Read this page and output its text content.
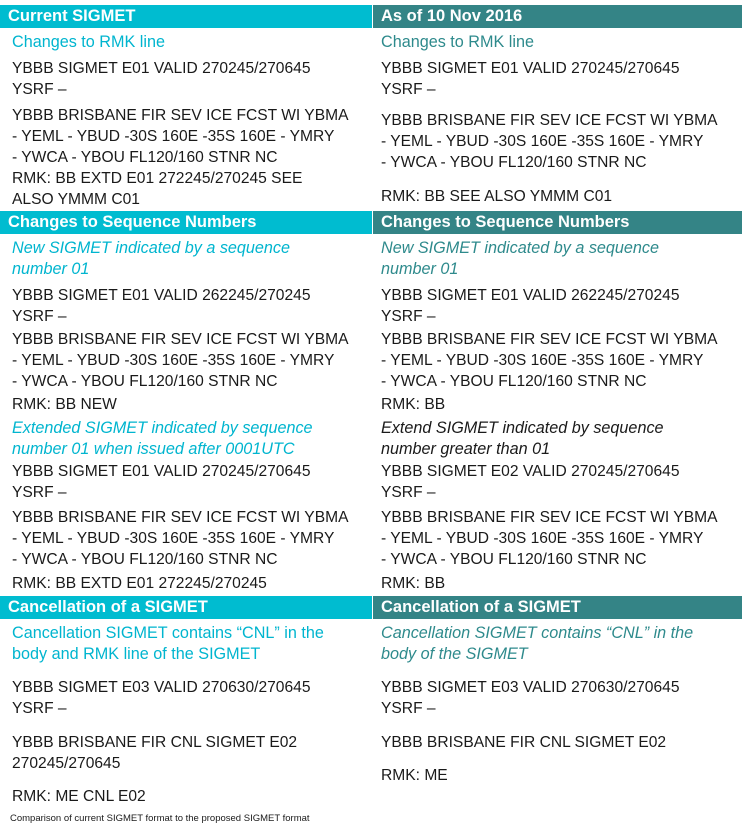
Current SIGMET
Changes to RMK line
YBBB SIGMET E01 VALID 270245/270645
YSRF –
YBBB BRISBANE FIR SEV ICE FCST WI YBMA
- YEML - YBUD -30S 160E -35S 160E - YMRY
- YWCA - YBOU FL120/160 STNR NC
RMK: BB EXTD E01 272245/270245 SEE
ALSO YMMM C01
Changes to Sequence Numbers
New SIGMET indicated by a sequence
number 01
YBBB SIGMET E01 VALID 262245/270245
YSRF –
YBBB BRISBANE FIR SEV ICE FCST WI YBMA
- YEML - YBUD -30S 160E -35S 160E - YMRY
- YWCA - YBOU FL120/160 STNR NC
RMK: BB NEW
Extended SIGMET indicated by sequence
number 01 when issued after 0001UTC
YBBB SIGMET E01 VALID 270245/270645
YSRF –
YBBB BRISBANE FIR SEV ICE FCST WI YBMA
- YEML - YBUD -30S 160E -35S 160E - YMRY
- YWCA - YBOU FL120/160 STNR NC
RMK: BB EXTD E01 272245/270245
Cancellation of a SIGMET
Cancellation SIGMET contains “CNL” in the
body and RMK line of the SIGMET
YBBB SIGMET E03 VALID 270630/270645
YSRF –
YBBB BRISBANE FIR CNL SIGMET E02
270245/270645
RMK: ME CNL E02
As of 10 Nov 2016
Changes to RMK line
YBBB SIGMET E01 VALID 270245/270645
YSRF –
YBBB BRISBANE FIR SEV ICE FCST WI YBMA
- YEML - YBUD -30S 160E -35S 160E - YMRY
- YWCA - YBOU FL120/160 STNR NC
RMK: BB SEE ALSO YMMM C01
Changes to Sequence Numbers
New SIGMET indicated by a sequence
number 01
YBBB SIGMET E01 VALID 262245/270245
YSRF –
YBBB BRISBANE FIR SEV ICE FCST WI YBMA
- YEML - YBUD -30S 160E -35S 160E - YMRY
- YWCA - YBOU FL120/160 STNR NC
RMK: BB
Extend SIGMET indicated by sequence
number greater than 01
YBBB SIGMET E02 VALID 270245/270645
YSRF –
YBBB BRISBANE FIR SEV ICE FCST WI YBMA
- YEML - YBUD -30S 160E -35S 160E - YMRY
- YWCA - YBOU FL120/160 STNR NC
RMK: BB
Cancellation of a SIGMET
Cancellation SIGMET contains “CNL” in the
body of the SIGMET
YBBB SIGMET E03 VALID 270630/270645
YSRF –
YBBB BRISBANE FIR CNL SIGMET E02
RMK: ME
Comparison of current SIGMET format to the proposed SIGMET format
